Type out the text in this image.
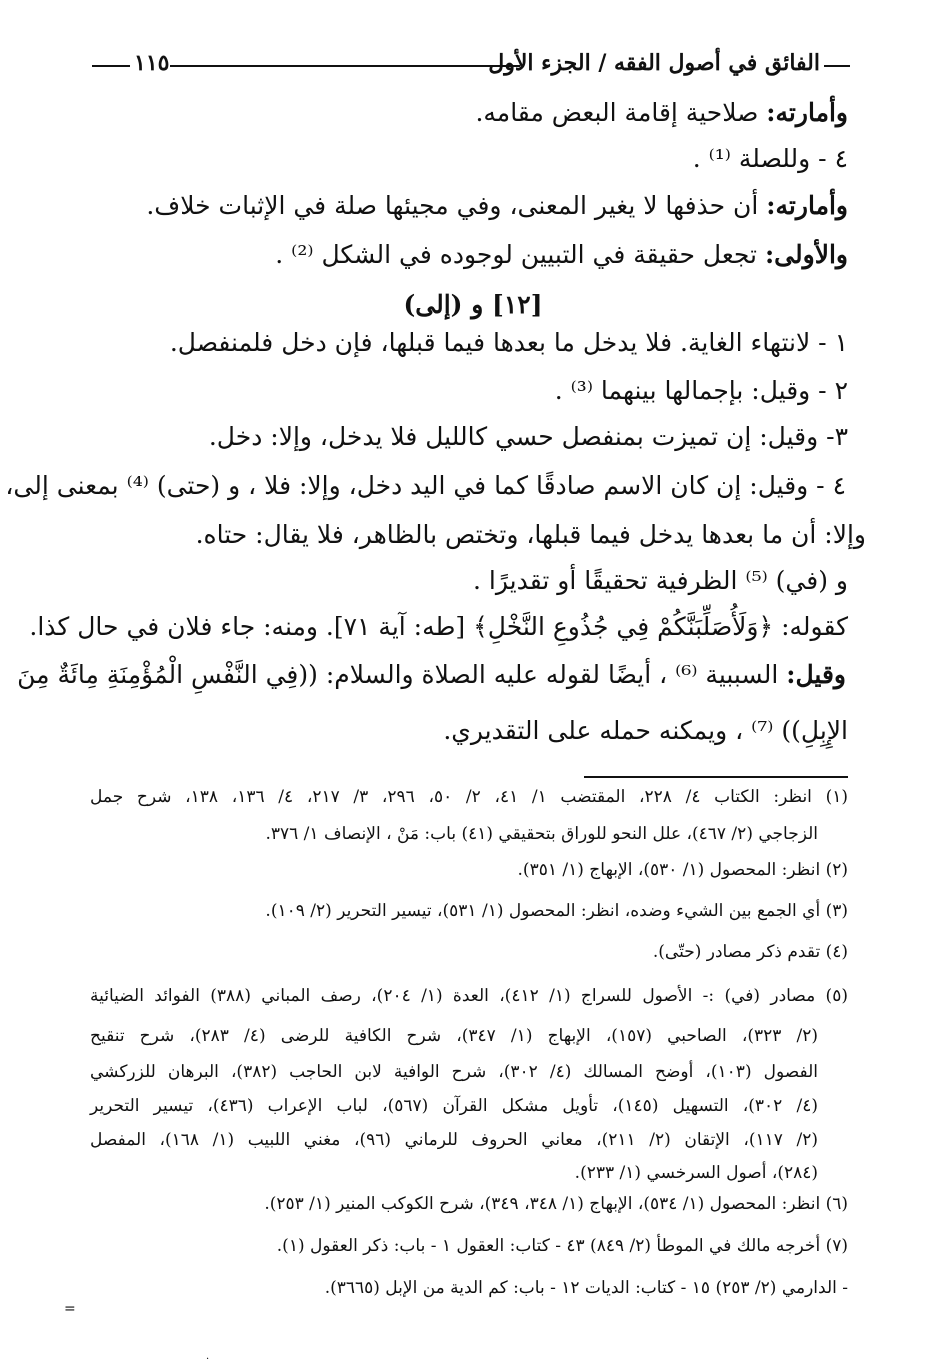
١١٥	الفائق في أصول الفقه / الجزء الأول
وأمارته: صلاحية إقامة البعض مقامه.
٤ - وللصلة ⁽¹⁾ .
وأمارته: أن حذفها لا يغير المعنى، وفي مجيئها صلة في الإثبات خلاف.
والأولى: تجعل حقيقة في التبيين لوجوده في الشكل ⁽²⁾ .
[١٢] و (إلى)
١ - لانتهاء الغاية. فلا يدخل ما بعدها فيما قبلها، فإن دخل فلمنفصل.
٢ - وقيل: بإجمالها بينهما ⁽³⁾ .
٣- وقيل: إن تميزت بمنفصل حسي كالليل فلا يدخل، وإلا: دخل.
٤ - وقيل: إن كان الاسم صادقًا كما في اليد دخل، وإلا: فلا ، و (حتى) ⁽⁴⁾ بمعنى إلى،
وإلا: أن ما بعدها يدخل فيما قبلها، وتختص بالظاهر، فلا يقال: حتاه.
و (في) ⁽⁵⁾ الظرفية تحقيقًا أو تقديرًا .
كقوله: ﴿وَلَأُصَلِّبَنَّكُمْ فِي جُذُوعِ النَّخْلِ﴾ [طه: آية ٧١]. ومنه: جاء فلان في حال كذا.
وقيل: السببية ⁽⁶⁾ ، أيضًا لقوله عليه الصلاة والسلام: ((فِي النَّفْسِ الْمُؤْمِنَةِ مِائَةٌ مِنَ
الإِبِلِ)) ⁽⁷⁾ ، ويمكنه حمله على التقديري.
(١) انظر: الكتاب ٤/ ٢٢٨، المقتضب ١/ ٤١، ٢/ ٥٠، ٢٩٦، ٣/ ٢١٧، ٤/ ١٣٦، ١٣٨، شرح جمل
الزجاجي (٢/ ٤٦٧)، علل النحو للوراق بتحقيقي (٤١) باب: مَنْ ، الإنصاف ١/ ٣٧٦.
(٢) انظر: المحصول (١/ ٥٣٠)، الإبهاج (١/ ٣٥١).
(٣) أي الجمع بين الشيء وضده، انظر: المحصول (١/ ٥٣١)، تيسير التحرير (٢/ ١٠٩).
(٤) تقدم ذكر مصادر (حتّى).
(٥) مصادر (في) :- الأصول للسراج (١/ ٤١٢)، العدة (١/ ٢٠٤)، رصف المباني (٣٨٨) الفوائد الضيائية
(٢/ ٣٢٣)، الصاحبي (١٥٧)، الإبهاج (١/ ٣٤٧)، شرح الكافية للرضى (٤/ ٢٨٣)، شرح تنقيح
الفصول (١٠٣)، أوضح المسالك (٤/ ٣٠٢)، شرح الوافية لابن الحاجب (٣٨٢)، البرهان للزركشي
(٤/ ٣٠٢)، التسهيل (١٤٥)، تأويل مشكل القرآن (٥٦٧)، لباب الإعراب (٤٣٦)، تيسير التحرير
(٢/ ١١٧)، الإتقان (٢/ ٢١١)، معاني الحروف للرماني (٩٦)، مغني اللبيب (١/ ١٦٨)، المفصل
(٢٨٤)، أصول السرخسي (١/ ٢٣٣).
(٦) انظر: المحصول (١/ ٥٣٤)، الإبهاج (١/ ٣٤٨، ٣٤٩)، شرح الكوكب المنير (١/ ٢٥٣).
(٧) أخرجه مالك في الموطأ (٢/ ٨٤٩) ٤٣ - كتاب: العقول ١ - باب: ذكر العقول (١).
- الدارمي (٢/ ٢٥٣) ١٥ - كتاب: الديات ١٢ - باب: كم الدية من الإبل (٣٦٦٥).
=
·
